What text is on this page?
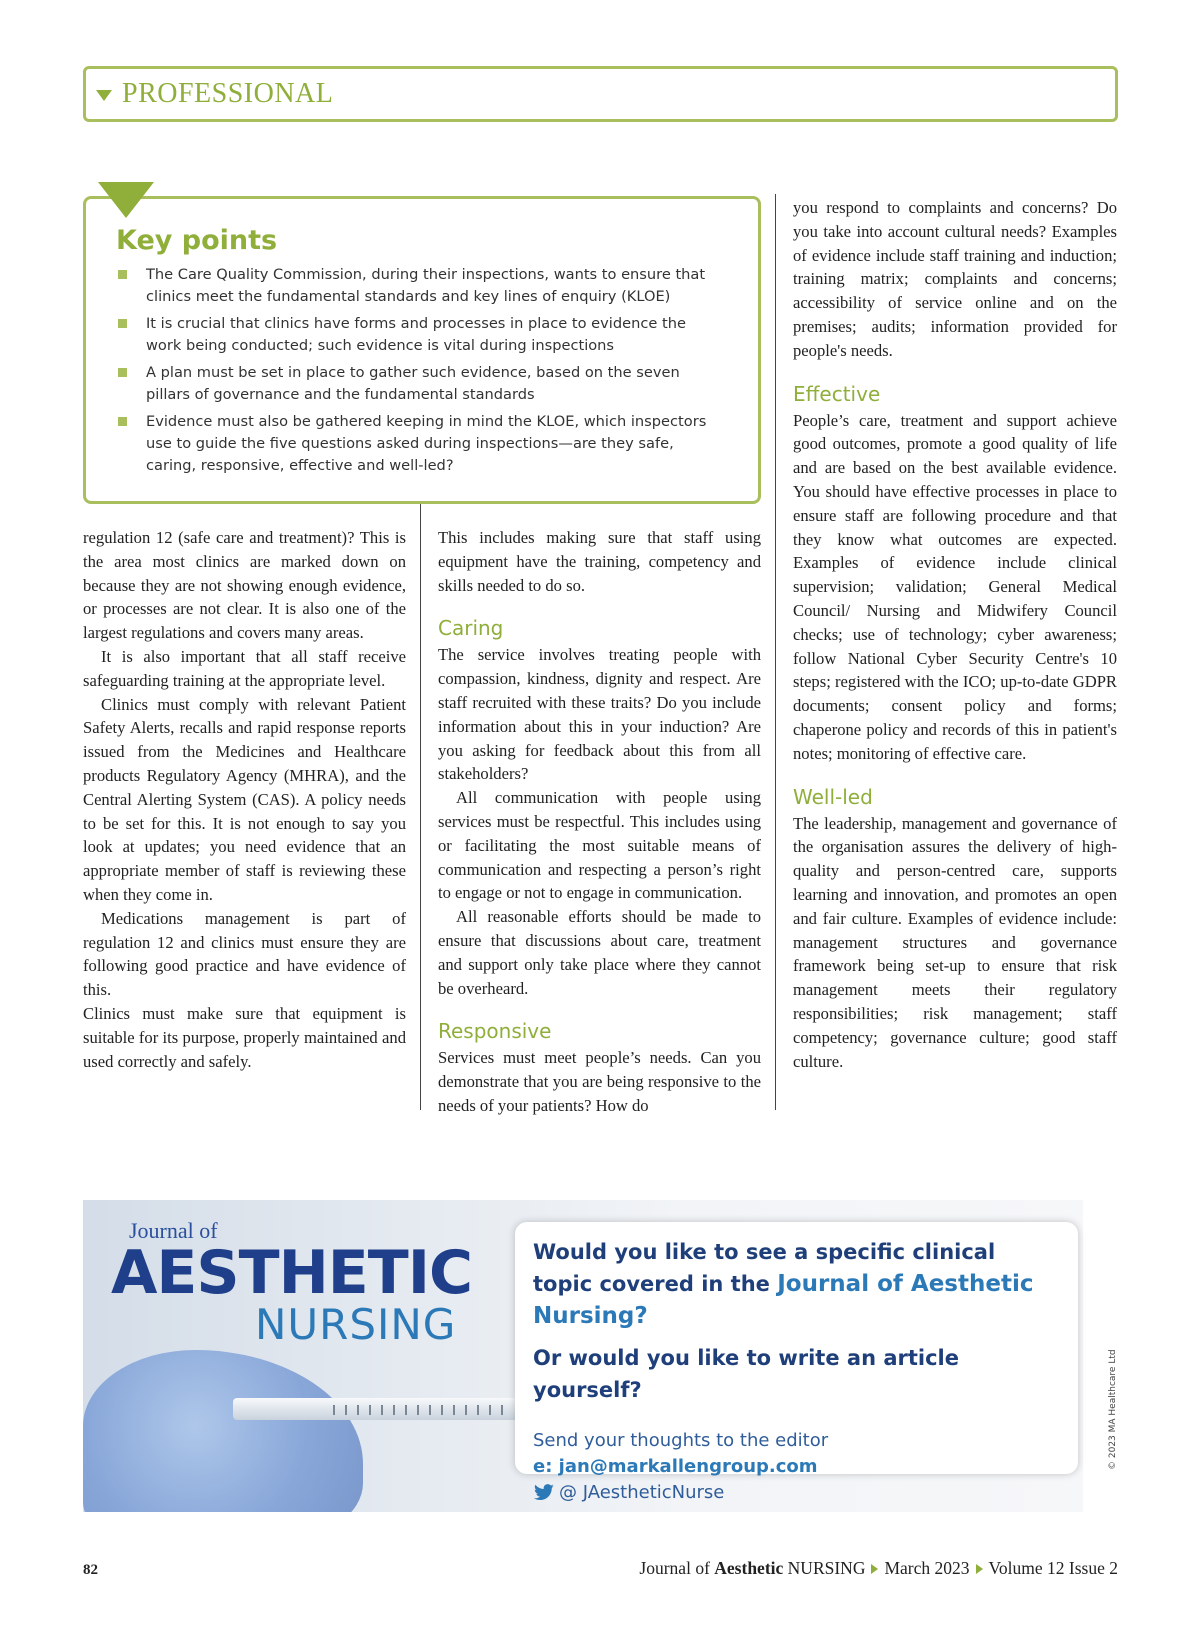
PROFESSIONAL
Key points
The Care Quality Commission, during their inspections, wants to ensure that clinics meet the fundamental standards and key lines of enquiry (KLOE)
It is crucial that clinics have forms and processes in place to evidence the work being conducted; such evidence is vital during inspections
A plan must be set in place to gather such evidence, based on the seven pillars of governance and the fundamental standards
Evidence must also be gathered keeping in mind the KLOE, which inspectors use to guide the five questions asked during inspections—are they safe, caring, responsive, effective and well-led?

regulation 12 (safe care and treatment)? This is the area most clinics are marked down on because they are not showing enough evidence, or processes are not clear. It is also one of the largest regulations and covers many areas.

It is also important that all staff receive safeguarding training at the appropriate level.

Clinics must comply with relevant Patient Safety Alerts, recalls and rapid response reports issued from the Medicines and Healthcare products Regulatory Agency (MHRA), and the Central Alerting System (CAS). A policy needs to be set for this. It is not enough to say you look at updates; you need evidence that an appropriate member of staff is reviewing these when they come in.

Medications management is part of regulation 12 and clinics must ensure they are following good practice and have evidence of this.

Clinics must make sure that equipment is suitable for its purpose, properly maintained and used correctly and safely.

This includes making sure that staff using equipment have the training, competency and skills needed to do so.

Caring

The service involves treating people with compassion, kindness, dignity and respect. Are staff recruited with these traits? Do you include information about this in your induction? Are you asking for feedback about this from all stakeholders?

All communication with people using services must be respectful. This includes using or facilitating the most suitable means of communication and respecting a person’s right to engage or not to engage in communication.

All reasonable efforts should be made to ensure that discussions about care, treatment and support only take place where they cannot be overheard.

Responsive

Services must meet people’s needs. Can you demonstrate that you are being responsive to the needs of your patients? How do

you respond to complaints and concerns? Do you take into account cultural needs? Examples of evidence include staff training and induction; training matrix; complaints and concerns; accessibility of service online and on the premises; audits; information provided for people's needs.

Effective

People’s care, treatment and support achieve good outcomes, promote a good quality of life and are based on the best available evidence. You should have effective processes in place to ensure staff are following procedure and that they know what outcomes are expected. Examples of evidence include clinical supervision; validation; General Medical Council/ Nursing and Midwifery Council checks; use of technology; cyber awareness; follow National Cyber Security Centre's 10 steps; registered with the ICO; up-to-date GDPR documents; consent policy and forms; chaperone policy and records of this in patient's notes; monitoring of effective care.

Well-led

The leadership, management and governance of the organisation assures the delivery of high-quality and person-centred care, supports learning and innovation, and promotes an open and fair culture. Examples of evidence include: management structures and governance framework being set-up to ensure that risk management meets their regulatory responsibilities; risk management; staff competency; governance culture; good staff culture.

Journal of
AESTHETIC
NURSING
Would you like to see a specific clinical topic covered in the Journal of Aesthetic Nursing?
Or would you like to write an article yourself?
Send your thoughts to the editor
e: jan@markallengroup.com
@ JAestheticNurse
© 2023 MA Healthcare Ltd
82	Journal of
Aesthetic
NURSING March 2023 Volume 12 Issue 2
